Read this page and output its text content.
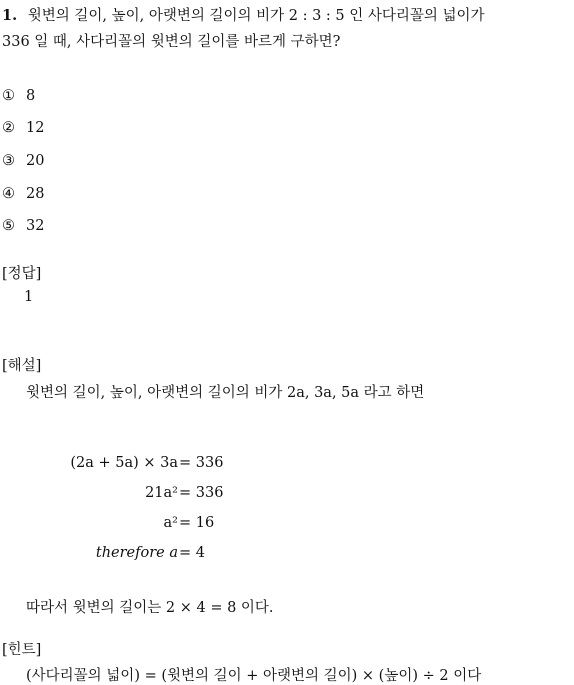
1. 윗변의 길이, 높이, 아랫변의 길이의 비가 2 : 3 : 5 인 사다리꼴의 넓이가
336 일 때, 사다리꼴의 윗변의 길이를 바르게 구하면?
① 8
② 12
③ 20
④ 28
⑤ 32
[정답]
1
[해설]
윗변의 길이, 높이, 아랫변의 길이의 비가 2a, 3a, 5a 라고 하면
(2a + 5a) × 3a = 336
21a² = 336
a² = 16
therefore a = 4
따라서 윗변의 길이는 2 × 4 = 8 이다.
[힌트]
(사다리꼴의 넓이) = (윗변의 길이 + 아랫변의 길이) × (높이) ÷ 2 이다
